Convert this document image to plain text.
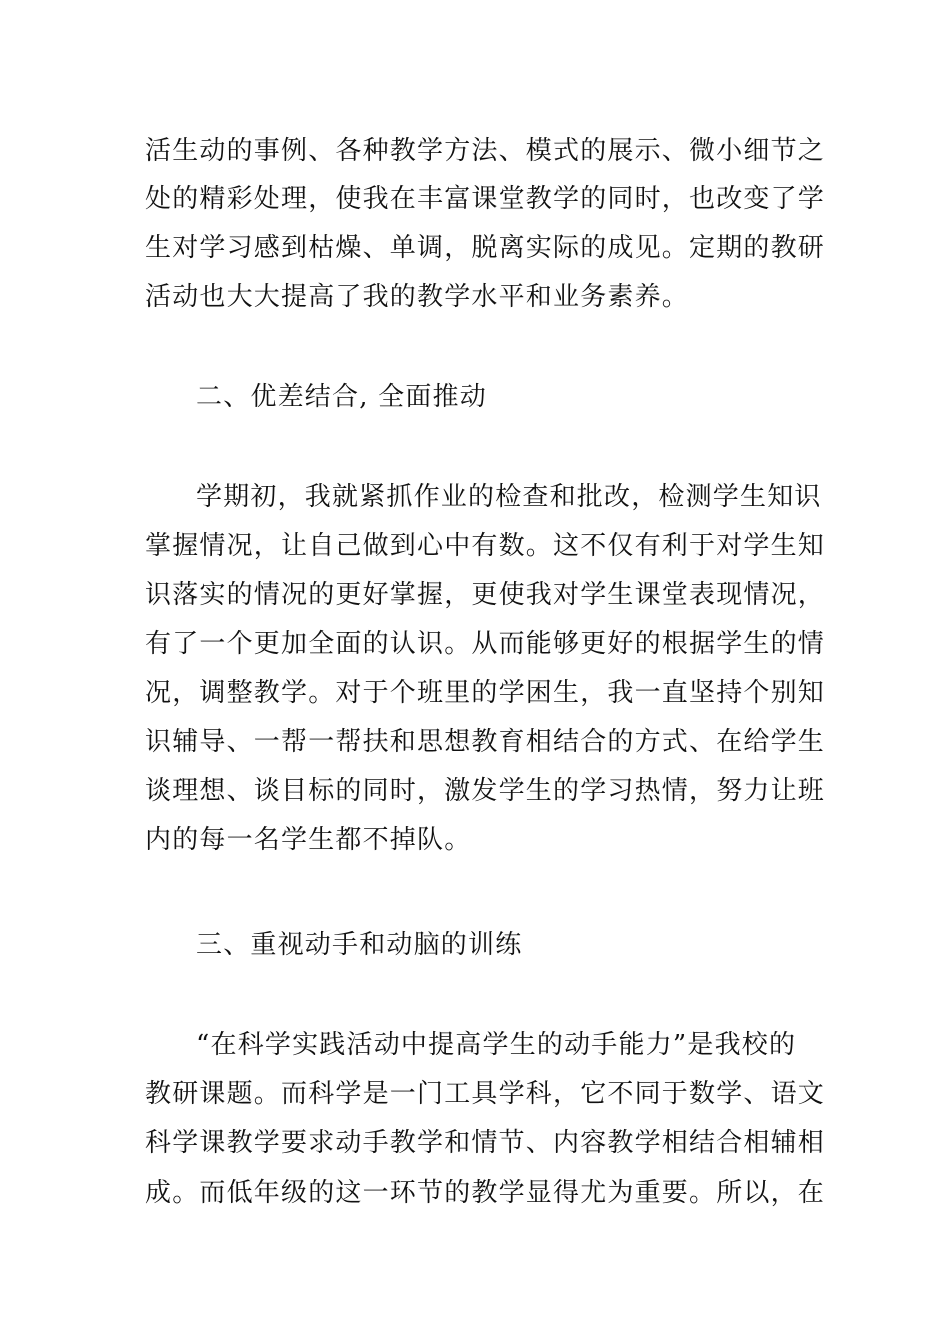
活生动的事例、各种教学方法、模式的展示、微小细节之
处的精彩处理，使我在丰富课堂教学的同时，也改变了学
生对学习感到枯燥、单调，脱离实际的成见。定期的教研
活动也大大提高了我的教学水平和业务素养。
二、优差结合, 全面推动
学期初，我就紧抓作业的检查和批改，检测学生知识
掌握情况，让自己做到心中有数。这不仅有利于对学生知
识落实的情况的更好掌握，更使我对学生课堂表现情况，
有了一个更加全面的认识。从而能够更好的根据学生的情
况，调整教学。对于个班里的学困生，我一直坚持个别知
识辅导、一帮一帮扶和思想教育相结合的方式、在给学生
谈理想、谈目标的同时，激发学生的学习热情，努力让班
内的每一名学生都不掉队。
三、重视动手和动脑的训练
“在科学实践活动中提高学生的动手能力”是我校的
教研课题。而科学是一门工具学科，它不同于数学、语文
科学课教学要求动手教学和情节、内容教学相结合相辅相
成。而低年级的这一环节的教学显得尤为重要。所以，在
